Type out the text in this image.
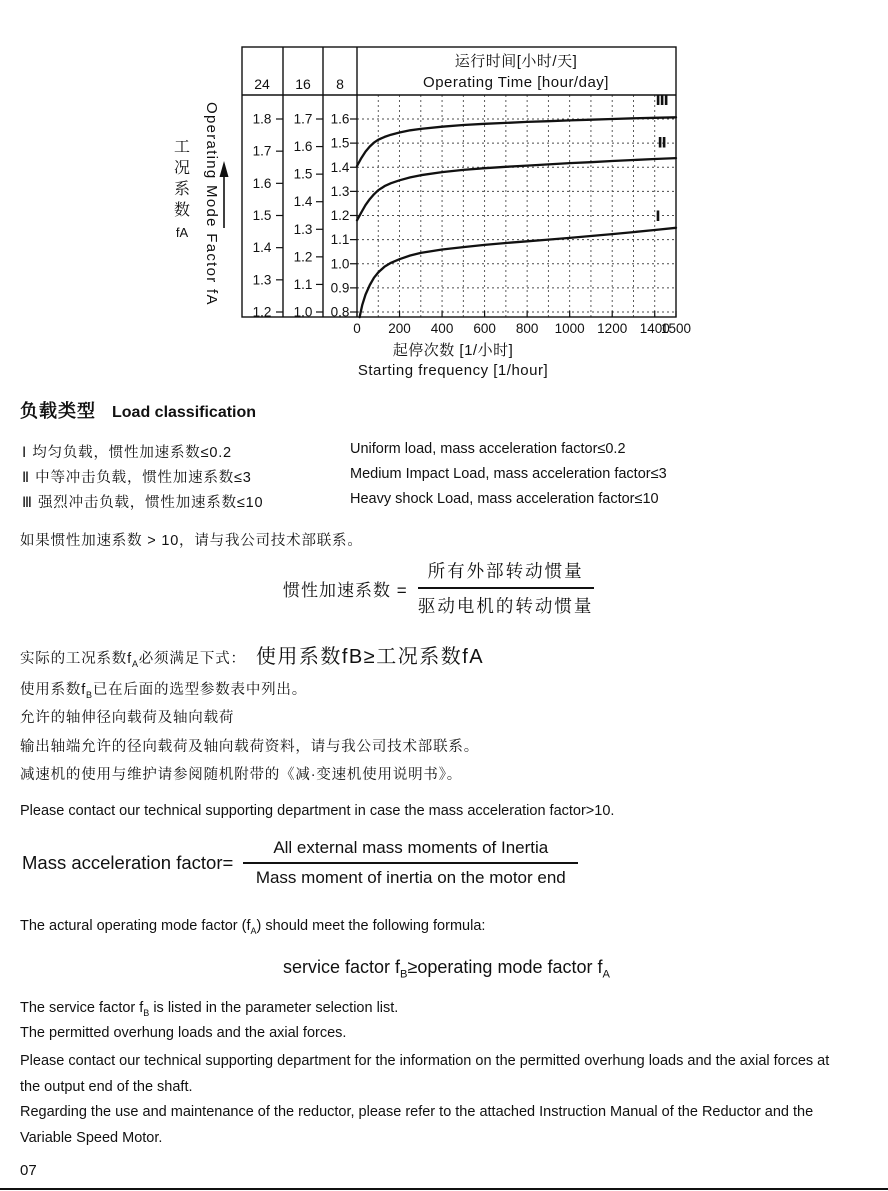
1.8
1.7
1.6
1.5
1.4
1.3
1.2
1.7
1.6
1.5
1.4
1.3
1.2
1.1
1.0
1.6
1.5
1.4
1.3
1.2
1.1
1.0
0.9
0.8
0 200 400 600 800 1000 1200 1400
1500
Ⅲ
Ⅱ
Ⅰ
24 16 8
运行时间[小时/天]
Operating Time [hour/day]
起停次数 [1/小时]
Starting frequency [1/hour]
Operating Mode Factor fA
工
况
系
数
fA
负载类型 Load classification
Ⅰ 均匀负载，惯性加速系数≤0.2	Uniform load, mass acceleration factor≤0.2
Ⅱ 中等冲击负载，惯性加速系数≤3	Medium Impact Load, mass acceleration factor≤3
Ⅲ 强烈冲击负载，惯性加速系数≤10	Heavy shock Load, mass acceleration factor≤10
如果惯性加速系数 > 10，请与我公司技术部联系。
惯性加速系数 = $\frac{\text{所有外部转动惯量}}{\text{驱动电机的转动惯量}}$
实际的工况系数$f_A$必须满足下式： 使用系数fB≥工况系数fA
使用系数$f_B$已在后面的选型参数表中列出。
允许的轴伸径向载荷及轴向载荷
输出轴端允许的径向载荷及轴向载荷资料，请与我公司技术部联系。
减速机的使用与维护请参阅随机附带的《减·变速机使用说明书》。
Please contact our technical supporting department in case the mass acceleration factor>10.
Mass acceleration factor= $\frac{\text{All external mass moments of Inertia}}{\text{Mass moment of inertia on the motor end}}$
The actural operating mode factor $(f_A)$ should meet the following formula:
service factor $f_B\ge operating$ mode factor $f_A$
The service factor $f_B$ is listed in the parameter selection list.
The permitted overhung loads and the axial forces.
Please contact our technical supporting department for the information on the permitted overhung loads and the axial forces at the output end of the shaft.
Regarding the use and maintenance of the reductor, please refer to the attached Instruction Manual of the Reductor and the Variable Speed Motor.
07
